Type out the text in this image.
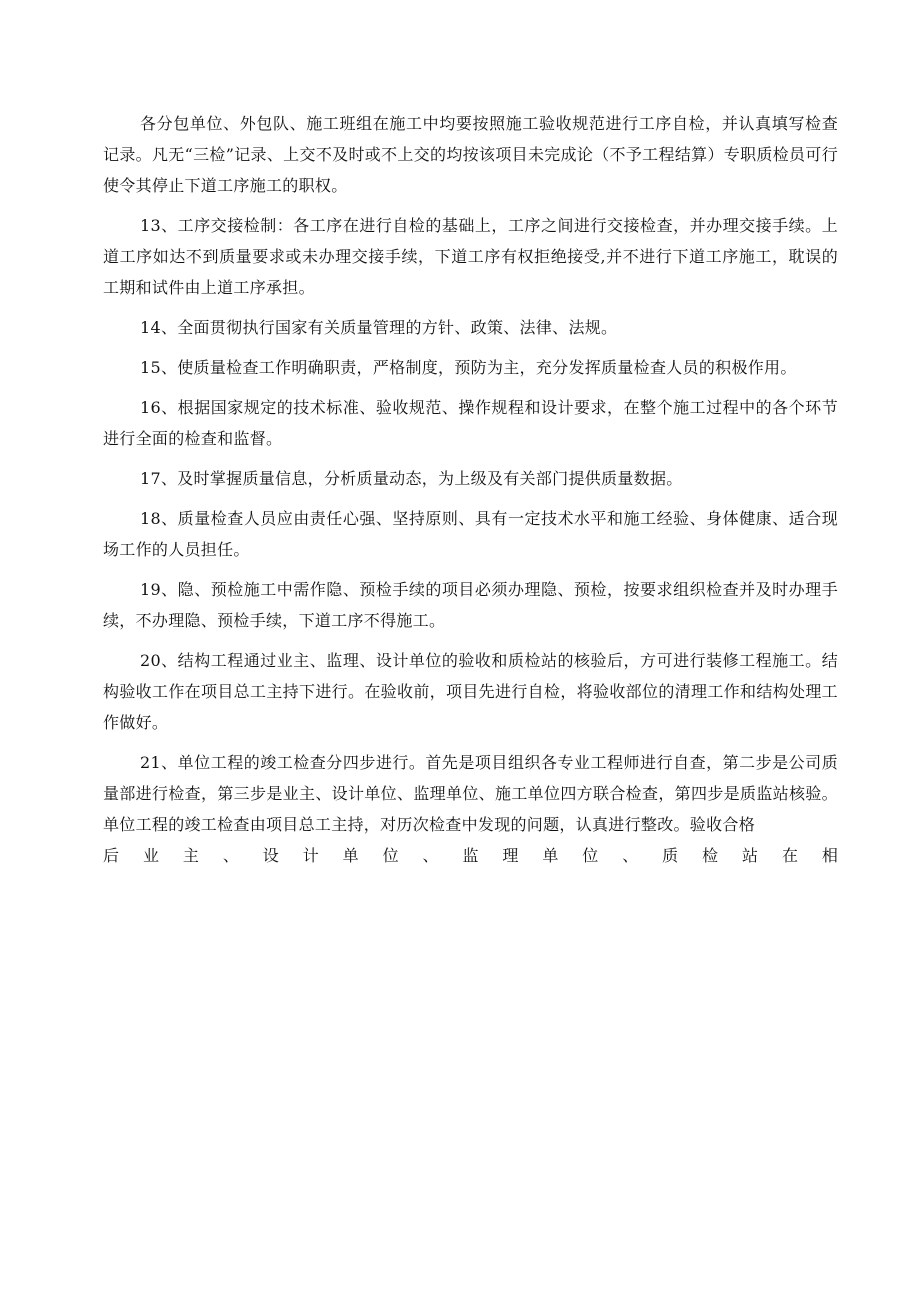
各分包单位、外包队、施工班组在施工中均要按照施工验收规范进行工序自检，并认真填写检查记录。凡无“三检”记录、上交不及时或不上交的均按该项目未完成论（不予工程结算）专职质检员可行使令其停止下道工序施工的职权。

13、工序交接检制：各工序在进行自检的基础上，工序之间进行交接检查，并办理交接手续。上道工序如达不到质量要求或未办理交接手续，下道工序有权拒绝接受,并不进行下道工序施工，耽误的工期和试件由上道工序承担。

14、全面贯彻执行国家有关质量管理的方针、政策、法律、法规。

15、使质量检查工作明确职责，严格制度，预防为主，充分发挥质量检查人员的积极作用。

16、根据国家规定的技术标准、验收规范、操作规程和设计要求，在整个施工过程中的各个环节进行全面的检查和监督。

17、及时掌握质量信息，分析质量动态，为上级及有关部门提供质量数据。

18、质量检查人员应由责任心强、坚持原则、具有一定技术水平和施工经验、身体健康、适合现场工作的人员担任。

19、隐、预检施工中需作隐、预检手续的项目必须办理隐、预检，按要求组织检查并及时办理手续，不办理隐、预检手续，下道工序不得施工。

20、结构工程通过业主、监理、设计单位的验收和质检站的核验后，方可进行装修工程施工。结构验收工作在项目总工主持下进行。在验收前，项目先进行自检，将验收部位的清理工作和结构处理工作做好。

21、单位工程的竣工检查分四步进行。首先是项目组织各专业工程师进行自查，第二步是公司质量部进行检查，第三步是业主、设计单位、监理单位、施工单位四方联合检查，第四步是质监站核验。单位工程的竣工检查由项目总工主持，对历次检查中发现的问题，认真进行整改。验收合格

后 业 主 、 设 计 单 位 、 监 理 单 位 、 质 检 站 在 相
